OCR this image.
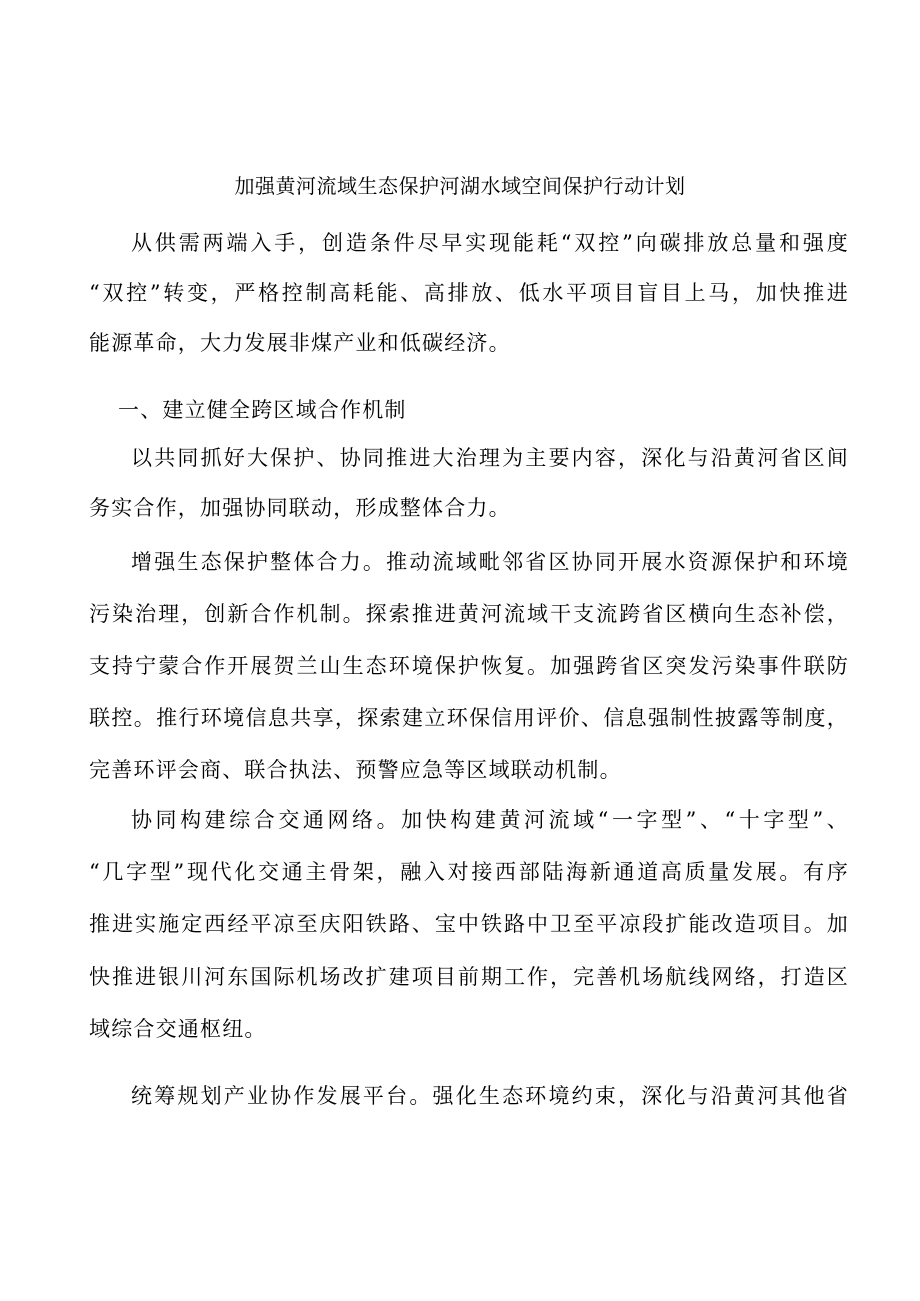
加强黄河流域生态保护河湖水域空间保护行动计划

从供需两端入手，创造条件尽早实现能耗“双控”向碳排放总量和强度

“双控”转变，严格控制高耗能、高排放、低水平项目盲目上马，加快推进

能源革命，大力发展非煤产业和低碳经济。

一、建立健全跨区域合作机制

以共同抓好大保护、协同推进大治理为主要内容，深化与沿黄河省区间

务实合作，加强协同联动，形成整体合力。

增强生态保护整体合力。推动流域毗邻省区协同开展水资源保护和环境

污染治理，创新合作机制。探索推进黄河流域干支流跨省区横向生态补偿，

支持宁蒙合作开展贺兰山生态环境保护恢复。加强跨省区突发污染事件联防

联控。推行环境信息共享，探索建立环保信用评价、信息强制性披露等制度，

完善环评会商、联合执法、预警应急等区域联动机制。

协同构建综合交通网络。加快构建黄河流域“一字型”、“十字型”、

“几字型”现代化交通主骨架，融入对接西部陆海新通道高质量发展。有序

推进实施定西经平凉至庆阳铁路、宝中铁路中卫至平凉段扩能改造项目。加

快推进银川河东国际机场改扩建项目前期工作，完善机场航线网络，打造区

域综合交通枢纽。

统筹规划产业协作发展平台。强化生态环境约束，深化与沿黄河其他省
